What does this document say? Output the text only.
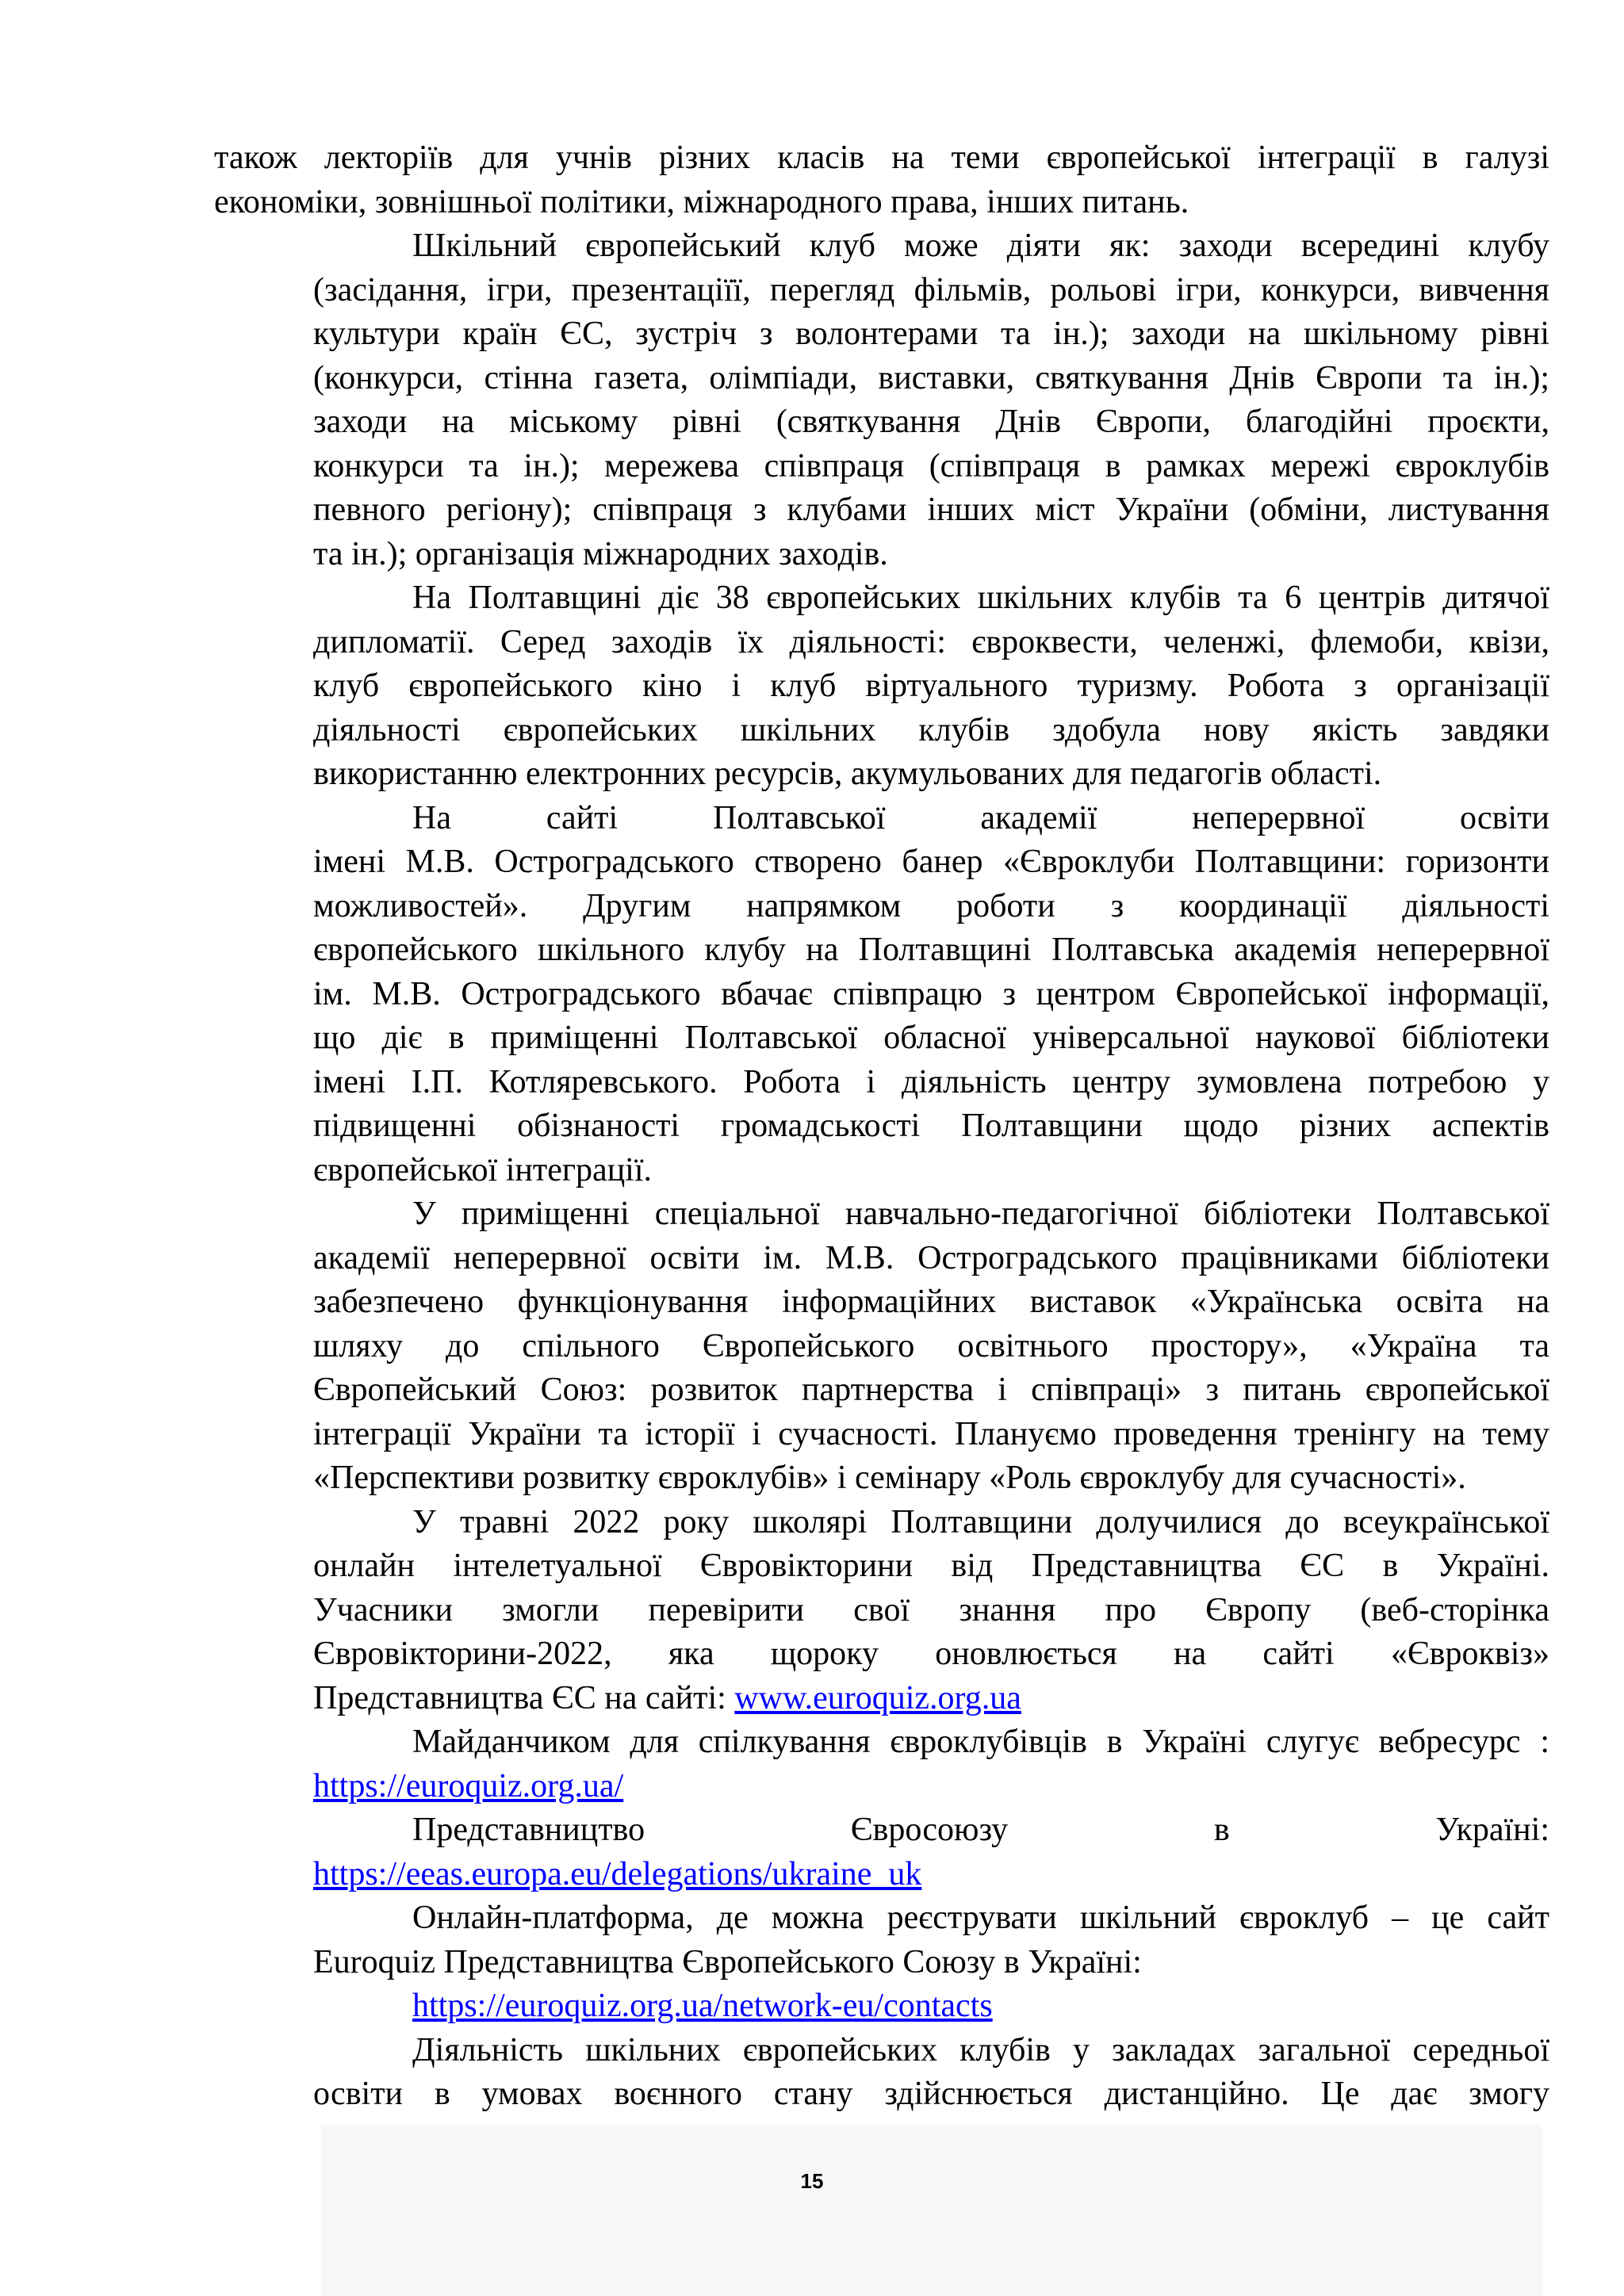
також лекторіїв для учнів різних класів на теми європейської інтеграції в галузі
економіки, зовнішньої політики, міжнародного права, інших питань.

Шкільний європейський клуб може діяти як: заходи всередині клубу
(засідання, ігри, презентаціїї, перегляд фільмів, рольові ігри, конкурси, вивчення
культури країн ЄС, зустріч з волонтерами та ін.); заходи на шкільному рівні
(конкурси, стінна газета, олімпіади, виставки, святкування Днів Європи та ін.);
заходи на міському рівні (святкування Днів Європи, благодійні проєкти,
конкурси та ін.); мережева співпраця (співпраця в рамках мережі євроклубів
певного регіону); співпраця з клубами інших міст України (обміни, листування
та ін.); організація міжнародних заходів.

На Полтавщині діє 38 європейських шкільних клубів та 6 центрів дитячої
дипломатії. Серед заходів їх діяльності: євроквести, челенжі, флемоби, квізи,
клуб європейського кіно і клуб віртуального туризму. Робота з організації
діяльності європейських шкільних клубів здобула нову якість завдяки
використанню електронних ресурсів, акумульованих для педагогів області.

На сайті Полтавської академії неперервної освіти
імені М.В. Остроградського створено банер «Євроклуби Полтавщини: горизонти
можливостей». Другим напрямком роботи з координації діяльності
європейського шкільного клубу на Полтавщині Полтавська академія неперервної
ім. М.В. Остроградського вбачає співпрацю з центром Європейської інформації,
що діє в приміщенні Полтавської обласної універсальної наукової бібліотеки
імені І.П. Котляревського. Робота і діяльність центру зумовлена потребою у
підвищенні обізнаності громадськості Полтавщини щодо різних аспектів
європейської інтеграції.

У приміщенні спеціальної навчально-педагогічної бібліотеки Полтавської
академії неперервної освіти ім. М.В. Остроградського працівниками бібліотеки
забезпечено функціонування інформаційних виставок «Українська освіта на
шляху до спільного Європейського освітнього простору», «Україна та
Європейський Союз: розвиток партнерства і співпраці» з питань європейської
інтеграції України та історії і сучасності. Плануємо проведення тренінгу на тему
«Перспективи розвитку євроклубів» і семінару «Роль євроклубу для сучасності».

У травні 2022 року школярі Полтавщини долучилися до всеукраїнської
онлайн інтелетуальної Євровікторини від Представництва ЄС в Україні.
Учасники змогли перевірити свої знання про Європу (веб-сторінка
Євровікторини-2022, яка щороку оновлюється на сайті «Євроквіз»
Представництва ЄС на сайті: www.euroquiz.org.ua

Майданчиком для спілкування євроклубівців в Україні слугує вебресурс :
https://euroquiz.org.ua/

Представництво Євросоюзу в Україні:
https://eeas.europa.eu/delegations/ukraine_uk

Онлайн-платформа, де можна реєструвати шкільний євроклуб – це сайт
Euroquiz Представництва Європейського Союзу в Україні:
https://euroquiz.org.ua/network-eu/contacts

Діяльність шкільних європейських клубів у закладах загальної середньої
освіти в умовах воєнного стану здійснюється дистанційно. Це дає змогу

15
